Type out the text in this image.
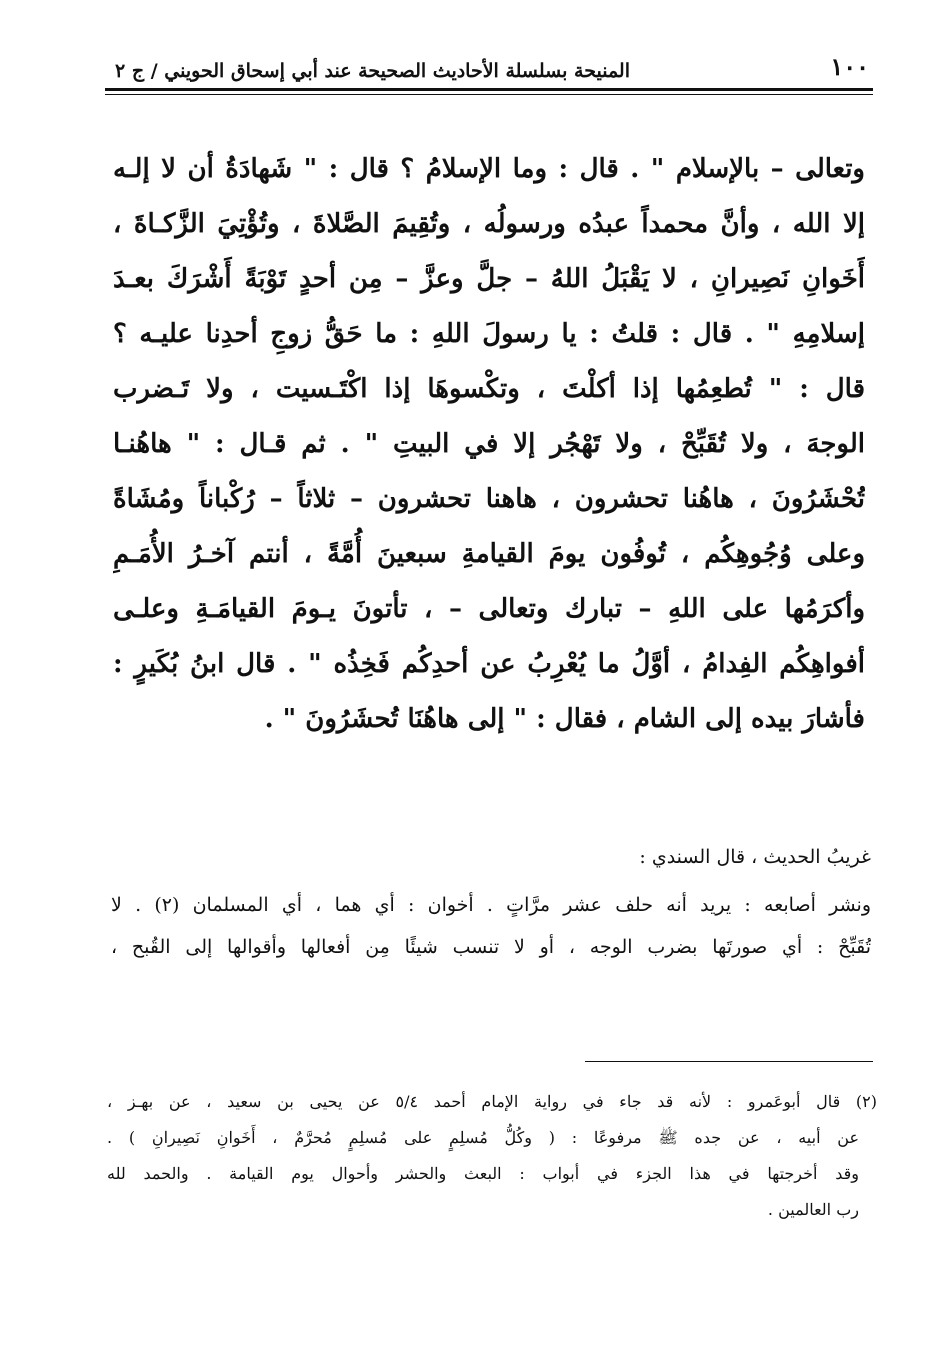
١٠٠
المنيحة بسلسلة الأحاديث الصحيحة عند أبي إسحاق الحويني / ج ٢
وتعالى – بالإسلام " . قال : وما الإسلامُ ؟ قال : " شَهادَةُ أن لا إلـه
إلا الله ، وأنَّ محمداً عبدُه ورسولُه ، وتُقِيمَ الصَّلاةَ ، وتُؤْتِيَ الزَّكـاةَ ،
أَخَوانِ نَصِيرانِ ، لا يَقْبَلُ اللهُ – جلَّ وعزَّ – مِن أحدٍ تَوْبَةً أَشْرَكَ بعـدَ
إسلامِهِ " . قال : قلتُ : يا رسولَ اللهِ : ما حَقُّ زوجِ أحدِنا عليـه ؟
قال : " تُطعِمُها إذا أكلْتَ ، وتكْسوهَا إذا اكْتَـسيت ، ولا تَـضرب
الوجهَ ، ولا تُقَبِّحْ ، ولا تَهْجُر إلا في البيتِ " . ثم قـال : " هاهُنـا
تُحْشَرُونَ ، هاهُنا تحشرون ، هاهنا تحشرون – ثلاثاً – رُكْباناً ومُشَاةً
وعلى وُجُوهِكُم ، تُوفُون يومَ القيامةِ سبعينَ أُمَّةً ، أنتم آخـرُ الأُمَـمِ
وأكرَمُها على اللهِ – تبارك وتعالى – ، تأتونَ يـومَ القيامَـةِ وعلـى
أفواهِكُم الفِدامُ ، أوَّلُ ما يُعْرِبُ عن أحدِكُم فَخِذُه " . قال ابنُ بُكَيرٍ :
فأشارَ بيده إلى الشام ، فقال : " إلى هاهُنَا تُحشَرُونَ " .
غريبُ الحديث ، قال السندي :
ونشر أصابعه : يريد أنه حلف عشر مرَّاتٍ . أخوان : أي هما ، أي المسلمان (٢) . لا
تُقَبِّحْ : أي صورتَها بضرب الوجه ، أو لا تنسب شيئًا مِن أفعالها وأقوالها إلى القُبح ،
(٢) قال أبوعَمرو : لأنه قد جاء في رواية الإمام أحمد ٥/٤ عن يحيى بن سعيد ، عن بهـز ،
عن أبيه ، عن جده ﷺ مرفوعًا : ( وكُلُّ مُسلِمٍ على مُسلِمٍ مُحرَّمٌ ، أَخَوانِ نَصِيرانِ ) .
وقد أخرجتها في هذا الجزء في أبواب : البعث والحشر وأحوال يوم القيامة . والحمد لله
رب العالمين .
